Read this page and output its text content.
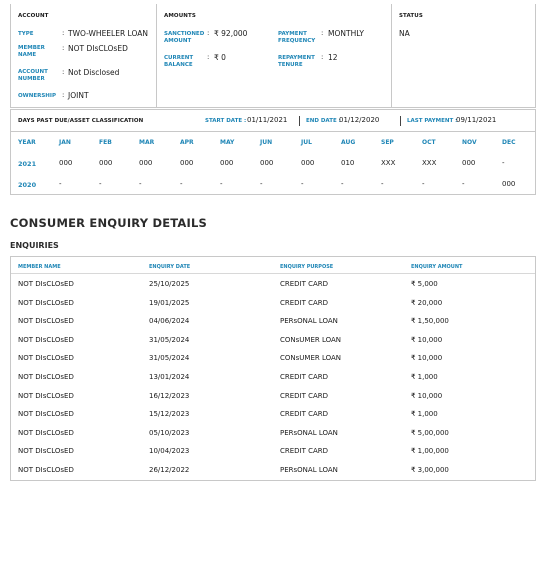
ACCOUNT	AMOUNTS	STATUS
TYPE	: TWO-WHEELER LOAN
MEMBER
NAME
: NOT DIsCLOsED
ACCOUNT
NUMBER
: Not Disclosed
OWNERSHIP : JOINT
SANCTIONED
AMOUNT
: ₹ 92,000
CURRENT
BALANCE
: ₹ 0
PAYMENT
FREQUENCY
: MONTHLY
REPAYMENT
TENURE
: 12
NA
DAYS PAST DUE/ASSET CLASSIFICATION	START DATE : 01/11/2021	END DATE :
01/12/2020	LAST PAYMENT :
09/11/2021
YEAR	JAN	FEB	MAR	APR	MAY	JUN	JUL	AUG	SEP	OCT	NOV	DEC
2021	000	000	000	000	000	000	000	010	XXX	XXX	000	-
2020	-	-	-	-	-	-	-	-	-	-	-	000
CONSUMER ENQUIRY DETAILS
ENQUIRIES
MEMBER NAME	ENQUIRY DATE	ENQUIRY PURPOSE	ENQUIRY AMOUNT
NOT DIsCLOsED	25/10/2025	CREDIT CARD	₹ 5,000
NOT DIsCLOsED	19/01/2025	CREDIT CARD	₹ 20,000
NOT DIsCLOsED	04/06/2024	PERsONAL LOAN	₹ 1,50,000
NOT DIsCLOsED	31/05/2024	CONsUMER LOAN	₹ 10,000
NOT DIsCLOsED	31/05/2024	CONsUMER LOAN	₹ 10,000
NOT DIsCLOsED	13/01/2024	CREDIT CARD	₹ 1,000
NOT DIsCLOsED	16/12/2023	CREDIT CARD	₹ 10,000
NOT DIsCLOsED	15/12/2023	CREDIT CARD	₹ 1,000
NOT DIsCLOsED	05/10/2023	PERsONAL LOAN	₹ 5,00,000
NOT DIsCLOsED	10/04/2023	CREDIT CARD	₹ 1,00,000
NOT DIsCLOsED	26/12/2022	PERsONAL LOAN	₹ 3,00,000
